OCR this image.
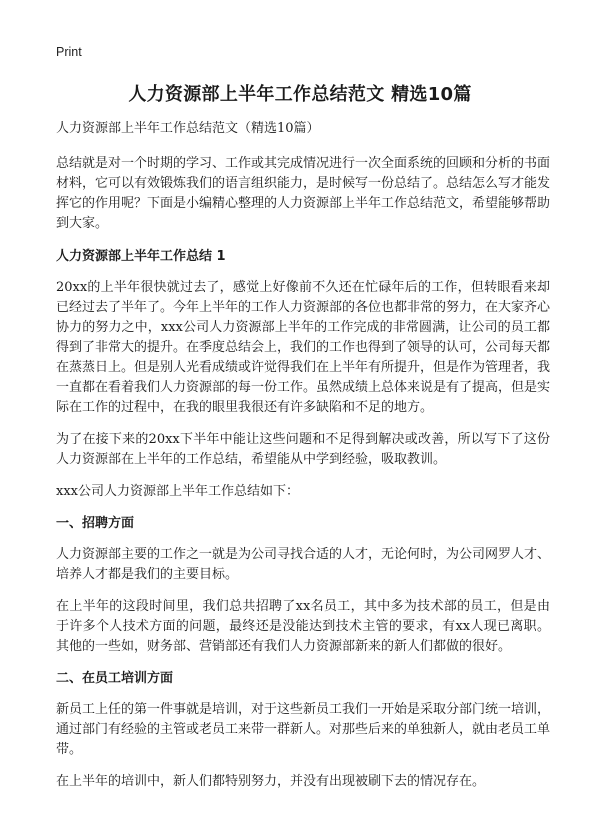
Print
人力资源部上半年工作总结范文 精选10篇

人力资源部上半年工作总结范文（精选10篇）

总结就是对一个时期的学习、工作或其完成情况进行一次全面系统的回顾和分析的书面材料，它可以有效锻炼我们的语言组织能力，是时候写一份总结了。总结怎么写才能发挥它的作用呢？下面是小编精心整理的人力资源部上半年工作总结范文，希望能够帮助到大家。

人力资源部上半年工作总结 1

20xx的上半年很快就过去了，感觉上好像前不久还在忙碌年后的工作，但转眼看来却已经过去了半年了。今年上半年的工作人力资源部的各位也都非常的努力，在大家齐心协力的努力之中，xxx公司人力资源部上半年的工作完成的非常圆满，让公司的员工都得到了非常大的提升。在季度总结会上，我们的工作也得到了领导的认可，公司每天都在蒸蒸日上。但是别人光看成绩或许觉得我们在上半年有所提升，但是作为管理者，我一直都在看着我们人力资源部的每一份工作。虽然成绩上总体来说是有了提高，但是实际在工作的过程中，在我的眼里我很还有许多缺陷和不足的地方。

为了在接下来的20xx下半年中能让这些问题和不足得到解决或改善，所以写下了这份人力资源部在上半年的工作总结，希望能从中学到经验，吸取教训。

xxx公司人力资源部上半年工作总结如下：

一、招聘方面

人力资源部主要的工作之一就是为公司寻找合适的人才，无论何时，为公司网罗人才、培养人才都是我们的主要目标。

在上半年的这段时间里，我们总共招聘了xx名员工，其中多为技术部的员工，但是由于许多个人技术方面的问题，最终还是没能达到技术主管的要求，有xx人现已离职。其他的一些如，财务部、营销部还有我们人力资源部新来的新人们都做的很好。

二、在员工培训方面

新员工上任的第一件事就是培训，对于这些新员工我们一开始是采取分部门统一培训，通过部门有经验的主管或老员工来带一群新人。对那些后来的单独新人，就由老员工单带。

在上半年的培训中，新人们都特别努力，并没有出现被刷下去的情况存在。
